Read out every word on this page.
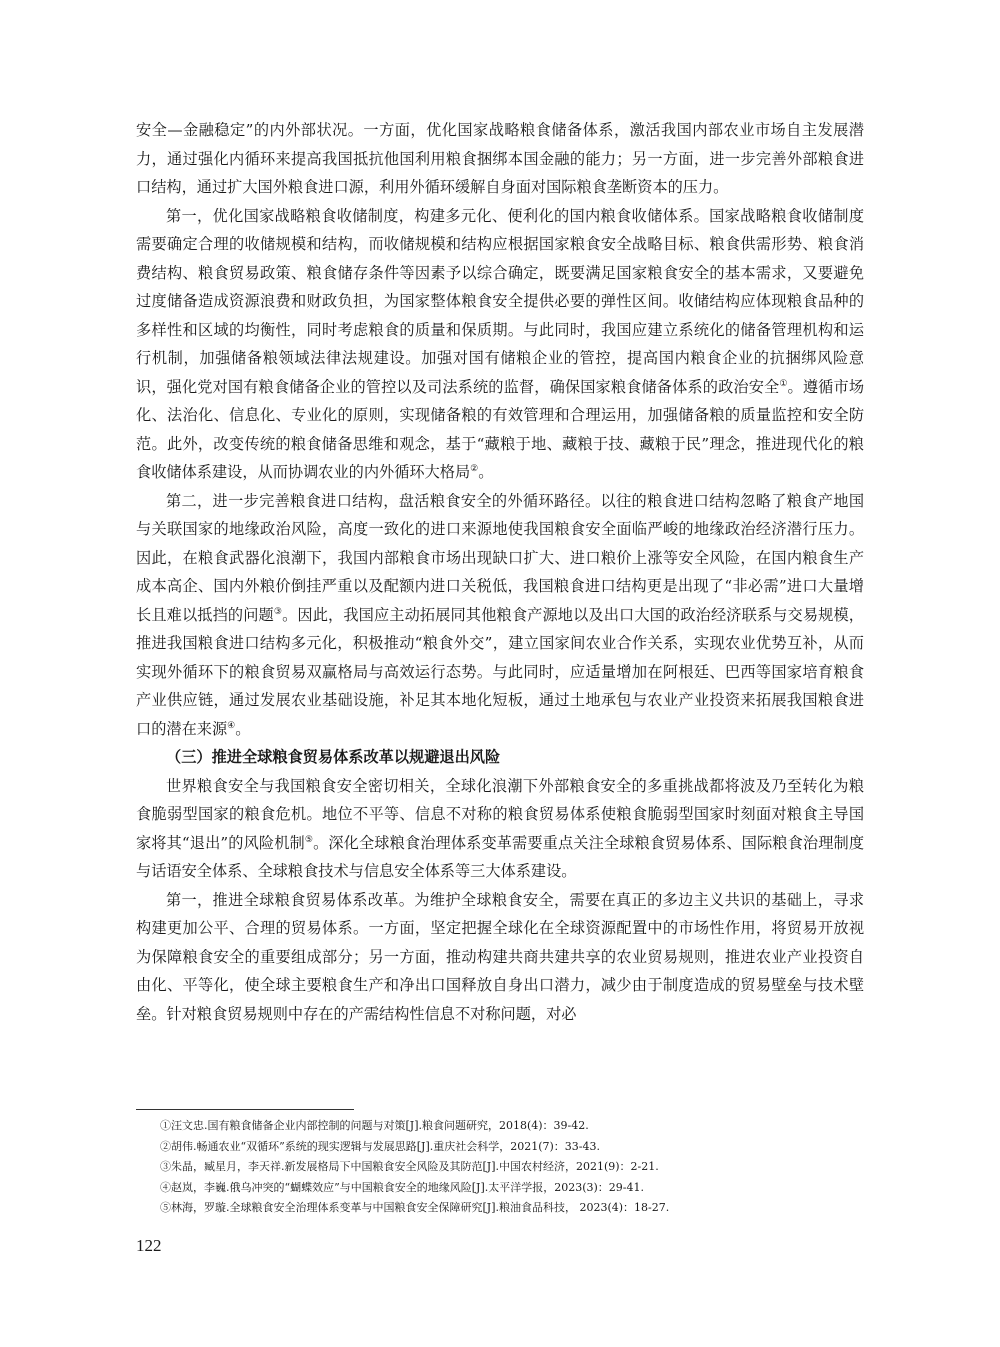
安全—金融稳定”的内外部状况。一方面，优化国家战略粮食储备体系，激活我国内部农业市场自主发展潜力，通过强化内循环来提高我国抵抗他国利用粮食捆绑本国金融的能力；另一方面，进一步完善外部粮食进口结构，通过扩大国外粮食进口源，利用外循环缓解自身面对国际粮食垄断资本的压力。

第一，优化国家战略粮食收储制度，构建多元化、便利化的国内粮食收储体系。国家战略粮食收储制度需要确定合理的收储规模和结构，而收储规模和结构应根据国家粮食安全战略目标、粮食供需形势、粮食消费结构、粮食贸易政策、粮食储存条件等因素予以综合确定，既要满足国家粮食安全的基本需求，又要避免过度储备造成资源浪费和财政负担，为国家整体粮食安全提供必要的弹性区间。收储结构应体现粮食品种的多样性和区域的均衡性，同时考虑粮食的质量和保质期。与此同时，我国应建立系统化的储备管理机构和运行机制，加强储备粮领域法律法规建设。加强对国有储粮企业的管控，提高国内粮食企业的抗捆绑风险意识，强化党对国有粮食储备企业的管控以及司法系统的监督，确保国家粮食储备体系的政治安全①。遵循市场化、法治化、信息化、专业化的原则，实现储备粮的有效管理和合理运用，加强储备粮的质量监控和安全防范。此外，改变传统的粮食储备思维和观念，基于“藏粮于地、藏粮于技、藏粮于民”理念，推进现代化的粮食收储体系建设，从而协调农业的内外循环大格局②。

第二，进一步完善粮食进口结构，盘活粮食安全的外循环路径。以往的粮食进口结构忽略了粮食产地国与关联国家的地缘政治风险，高度一致化的进口来源地使我国粮食安全面临严峻的地缘政治经济潜行压力。因此，在粮食武器化浪潮下，我国内部粮食市场出现缺口扩大、进口粮价上涨等安全风险，在国内粮食生产成本高企、国内外粮价倒挂严重以及配额内进口关税低，我国粮食进口结构更是出现了“非必需”进口大量增长且难以抵挡的问题③。因此，我国应主动拓展同其他粮食产源地以及出口大国的政治经济联系与交易规模，推进我国粮食进口结构多元化，积极推动“粮食外交”，建立国家间农业合作关系，实现农业优势互补，从而实现外循环下的粮食贸易双赢格局与高效运行态势。与此同时，应适量增加在阿根廷、巴西等国家培育粮食产业供应链，通过发展农业基础设施，补足其本地化短板，通过土地承包与农业产业投资来拓展我国粮食进口的潜在来源④。

（三）推进全球粮食贸易体系改革以规避退出风险

世界粮食安全与我国粮食安全密切相关，全球化浪潮下外部粮食安全的多重挑战都将波及乃至转化为粮食脆弱型国家的粮食危机。地位不平等、信息不对称的粮食贸易体系使粮食脆弱型国家时刻面对粮食主导国家将其“退出”的风险机制⑤。深化全球粮食治理体系变革需要重点关注全球粮食贸易体系、国际粮食治理制度与话语安全体系、全球粮食技术与信息安全体系等三大体系建设。

第一，推进全球粮食贸易体系改革。为维护全球粮食安全，需要在真正的多边主义共识的基础上，寻求构建更加公平、合理的贸易体系。一方面，坚定把握全球化在全球资源配置中的市场性作用，将贸易开放视为保障粮食安全的重要组成部分；另一方面，推动构建共商共建共享的农业贸易规则，推进农业产业投资自由化、平等化，使全球主要粮食生产和净出口国释放自身出口潜力，减少由于制度造成的贸易壁垒与技术壁垒。针对粮食贸易规则中存在的产需结构性信息不对称问题，对必

①汪文忠.国有粮食储备企业内部控制的问题与对策[J].粮食问题研究，2018(4)：39-42.

②胡伟.畅通农业“双循环”系统的现实逻辑与发展思路[J].重庆社会科学，2021(7)：33-43.

③朱晶，臧星月，李天祥.新发展格局下中国粮食安全风险及其防范[J].中国农村经济，2021(9)：2-21.

④赵岚，李巍.俄乌冲突的“蝴蝶效应”与中国粮食安全的地缘风险[J].太平洋学报，2023(3)：29-41.

⑤林海，罗璇.全球粮食安全治理体系变革与中国粮食安全保障研究[J].粮油食品科技， 2023(4)：18-27.

122
